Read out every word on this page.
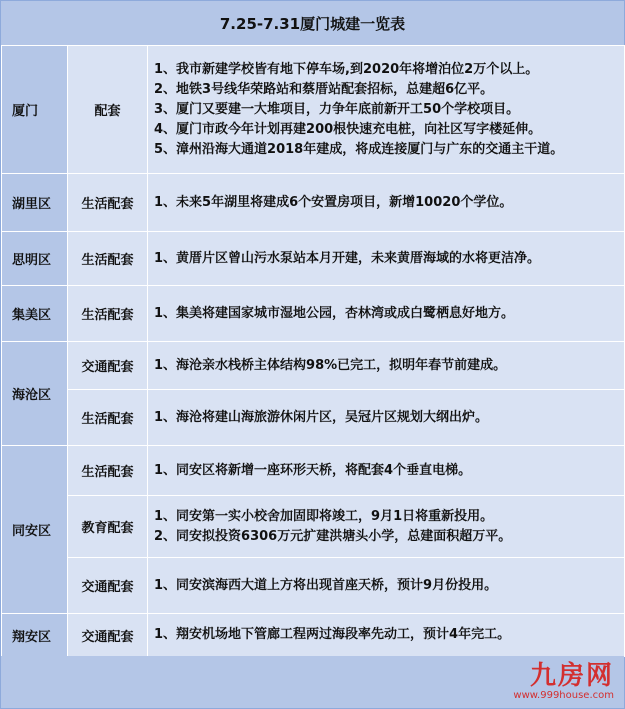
7.25-7.31厦门城建一览表
厦门	配套	1、我市新建学校皆有地下停车场,到2020年将增泊位2万个以上。
2、地铁3号线华荣路站和蔡厝站配套招标，总建超6亿平。
3、厦门又要建一大堆项目，力争年底前新开工50个学校项目。
4、厦门市政今年计划再建200根快速充电桩，向社区写字楼延伸。
5、漳州沿海大通道2018年建成，将成连接厦门与广东的交通主干道。

湖里区	生活配套	1、未来5年湖里将建成6个安置房项目，新增10020个学位。

思明区	生活配套	1、黄厝片区曾山污水泵站本月开建，未来黄厝海域的水将更洁净。

集美区	生活配套	1、集美将建国家城市湿地公园，杏林湾或成白鹭栖息好地方。

海沧区	交通配套	1、海沧亲水栈桥主体结构98%已完工，拟明年春节前建成。

	生活配套	1、海沧将建山海旅游休闲片区，吴冠片区规划大纲出炉。

同安区	生活配套	1、同安区将新增一座环形天桥，将配套4个垂直电梯。

	教育配套	1、同安第一实小校舍加固即将竣工，9月1日将重新投用。
2、同安拟投资6306万元扩建洪塘头小学，总建面积超万平。

	交通配套	1、同安滨海西大道上方将出现首座天桥，预计9月份投用。

翔安区	交通配套	1、翔安机场地下管廊工程两过海段率先动工，预计4年完工。
九房网
www.999house.com
